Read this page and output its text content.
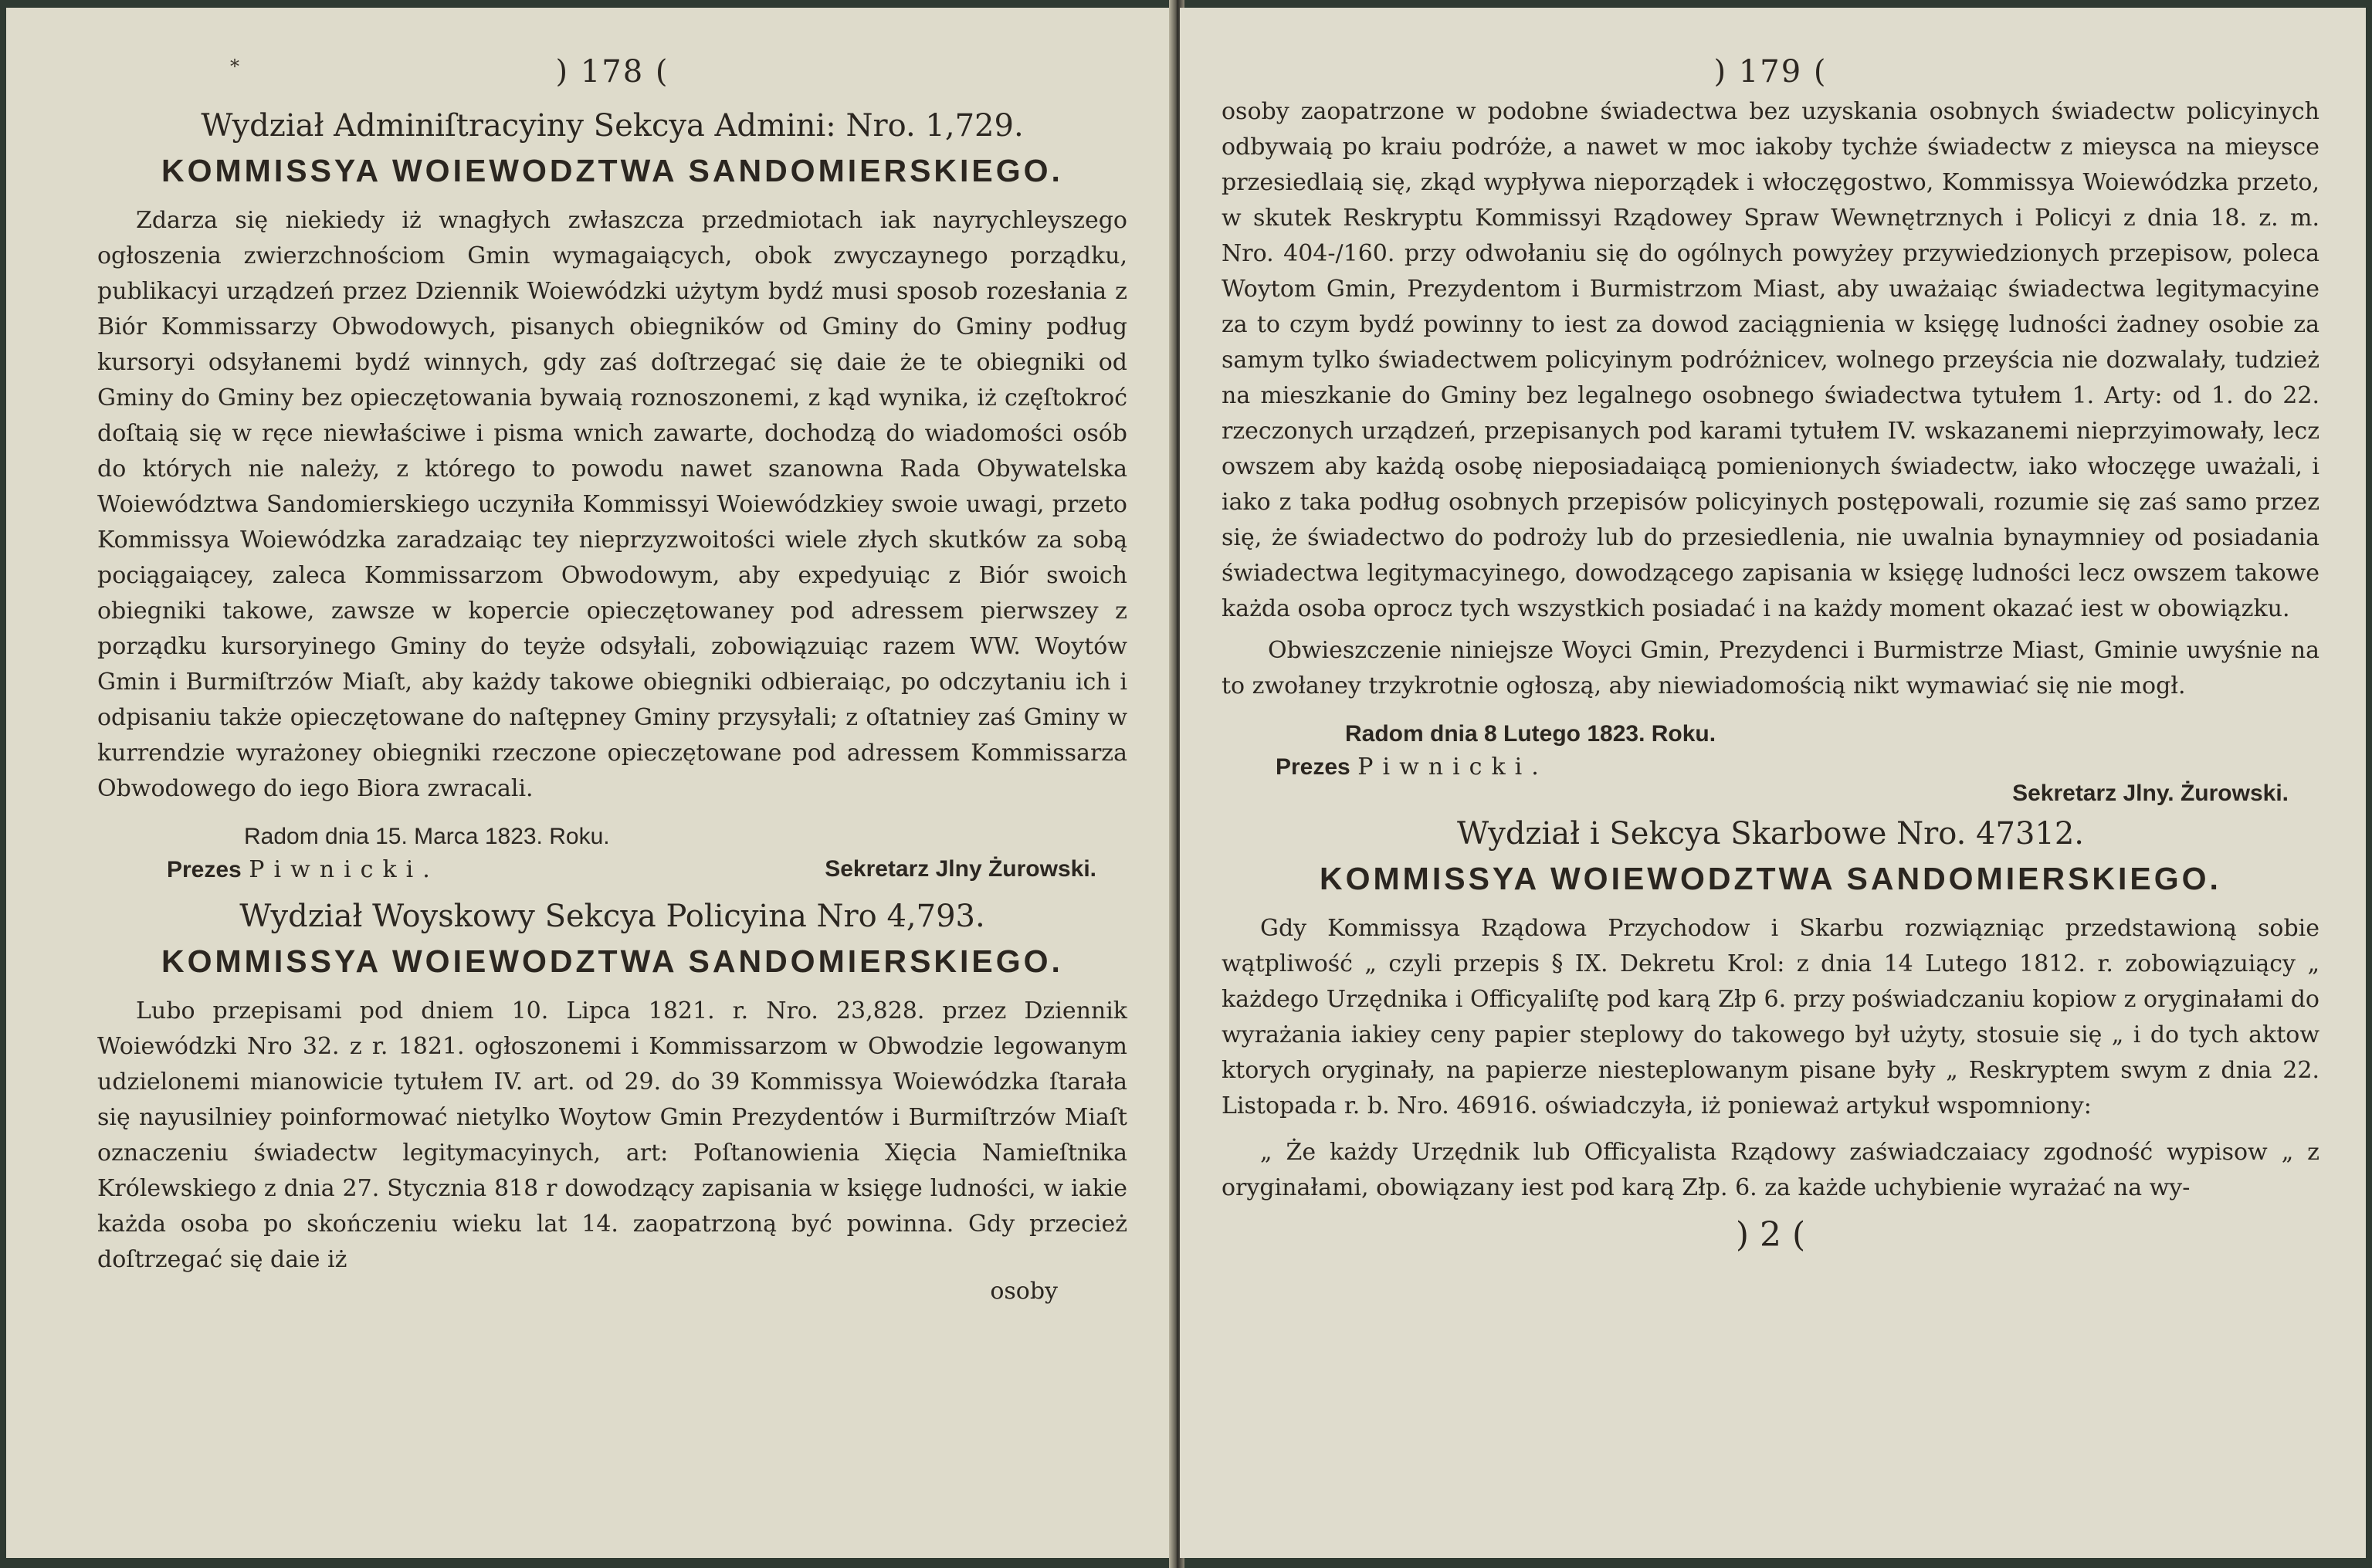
*	) 178 (
Wydział Adminiſtracyiny Sekcya Admini: Nro. 1,729.
KOMMISSYA WOIEWODZTWA SANDOMIERSKIEGO.

Zdarza się niekiedy iż wnagłych zwłaszcza przedmiotach iak nayrychleyszego ogłoszenia zwierzchnościom Gmin wymagaiących, obok zwyczaynego porządku, publikacyi urządzeń przez Dziennik Woiewódzki użytym bydź musi sposob rozesłania z Biór Kommissarzy Obwodowych, pisanych obiegników od Gminy do Gminy podług kursoryi odsyłanemi bydź winnych, gdy zaś doſtrzegać się daie że te obiegniki od Gminy do Gminy bez opieczętowania bywaią roznoszonemi, z kąd wynika, iż częſtokroć doſtaią się w ręce niewłaściwe i pisma wnich zawarte, dochodzą do wiadomości osób do których nie należy, z którego to powodu nawet szanowna Rada Obywatelska Woiewództwa Sandomierskiego uczyniła Kommissyi Woiewódzkiey swoie uwagi, przeto Kommissya Woiewódzka zaradzaiąc tey nieprzyzwoitości wiele złych skutków za sobą pociągaiącey, zaleca Kommissarzom Obwodowym, aby expedyuiąc z Biór swoich obiegniki takowe, zawsze w kopercie opieczętowaney pod adressem pierwszey z porządku kursoryinego Gminy do teyże odsyłali, zobowiązuiąc razem WW. Woytów Gmin i Burmiſtrzów Miaſt, aby każdy takowe obiegniki odbieraiąc, po odczytaniu ich i odpisaniu także opieczętowane do naſtępney Gminy przysyłali; z oſtatniey zaś Gminy w kurrendzie wyrażoney obiegniki rzeczone opieczętowane pod adressem Kommissarza Obwodowego do iego Biora zwracali.

Radom dnia 15. Marca 1823. Roku.
Prezes Piwnicki.	Sekretarz Jlny Żurowski.
Wydział Woyskowy Sekcya Policyina Nro 4,793.
KOMMISSYA WOIEWODZTWA SANDOMIERSKIEGO.

Lubo przepisami pod dniem 10. Lipca 1821. r. Nro. 23,828. przez Dziennik Woiewódzki Nro 32. z r. 1821. ogłoszonemi i Kommissarzom w Obwodzie legowanym udzielonemi mianowicie tytułem IV. art. od 29. do 39 Kommissya Woiewódzka ſtarała się nayusilniey poinformować nietylko Woytow Gmin Prezydentów i Burmiſtrzów Miaſt oznaczeniu świadectw legitymacyinych, art: Poſtanowienia Xięcia Namieſtnika Królewskiego z dnia 27. Stycznia 818 r dowodzący zapisania w księge ludności, w iakie każda osoba po skończeniu wieku lat 14. zaopatrzoną być powinna. Gdy przecież doſtrzegać się daie iż

osoby
) 179 (

osoby zaopatrzone w podobne świadectwa bez uzyskania osobnych świadectw policyinych odbywaią po kraiu podróże, a nawet w moc iakoby tychże świadectw z mieysca na mieysce przesiedlaią się, zkąd wypływa nieporządek i włoczęgostwo, Kommissya Woiewódzka przeto, w skutek Reskryptu Kommissyi Rządowey Spraw Wewnętrznych i Policyi z dnia 18. z. m. Nro. 404-/160. przy odwołaniu się do ogólnych powyżey przywiedzionych przepisow, poleca Woytom Gmin, Prezydentom i Burmistrzom Miast, aby uważaiąc świadectwa legitymacyine za to czym bydź powinny to iest za dowod zaciągnienia w księgę ludności żadney osobie za samym tylko świadectwem policyinym podróżnicev, wolnego przeyścia nie dozwalały, tudzież na mieszkanie do Gminy bez legalnego osobnego świadectwa tytułem 1. Arty: od 1. do 22. rzeczonych urządzeń, przepisanych pod karami tytułem IV. wskazanemi nieprzyimowały, lecz owszem aby każdą osobę nieposiadaiącą pomienionych świadectw, iako włoczęge uważali, i iako z taka podług osobnych przepisów policyinych postępowali, rozumie się zaś samo przez się, że świadectwo do podroży lub do przesiedlenia, nie uwalnia bynaymniey od posiadania świadectwa legitymacyinego, dowodzącego zapisania w księgę ludności lecz owszem takowe każda osoba oprocz tych wszystkich posiadać i na każdy moment okazać iest w obowiązku.

Obwieszczenie niniejsze Woyci Gmin, Prezydenci i Burmistrze Miast, Gminie uwyśnie na to zwołaney trzykrotnie ogłoszą, aby niewiadomością nikt wymawiać się nie mogł.

Radom dnia 8 Lutego 1823. Roku.
Prezes Piwnicki.
Sekretarz Jlny. Żurowski.
Wydział i Sekcya Skarbowe Nro. 47312.
KOMMISSYA WOIEWODZTWA SANDOMIERSKIEGO.

Gdy Kommissya Rządowa Przychodow i Skarbu rozwiązniąc przedstawioną sobie wątpliwość „ czyli przepis § IX. Dekretu Krol: z dnia 14 Lutego 1812. r. zobowiązuiący „ każdego Urzędnika i Officyaliſtę pod karą Złp 6. przy poświadczaniu kopiow z oryginałami do wyrażania iakiey ceny papier steplowy do takowego był użyty, stosuie się „ i do tych aktow ktorych oryginały, na papierze niesteplowanym pisane były „ Reskryptem swym z dnia 22. Listopada r. b. Nro. 46916. oświadczyła, iż ponieważ artykuł wspomniony:

„ Że każdy Urzędnik lub Officyalista Rządowy zaświadczaiacy zgodność wypisow „ z oryginałami, obowiązany iest pod karą Złp. 6. za każde uchybienie wyrażać na wy-

) 2 (
